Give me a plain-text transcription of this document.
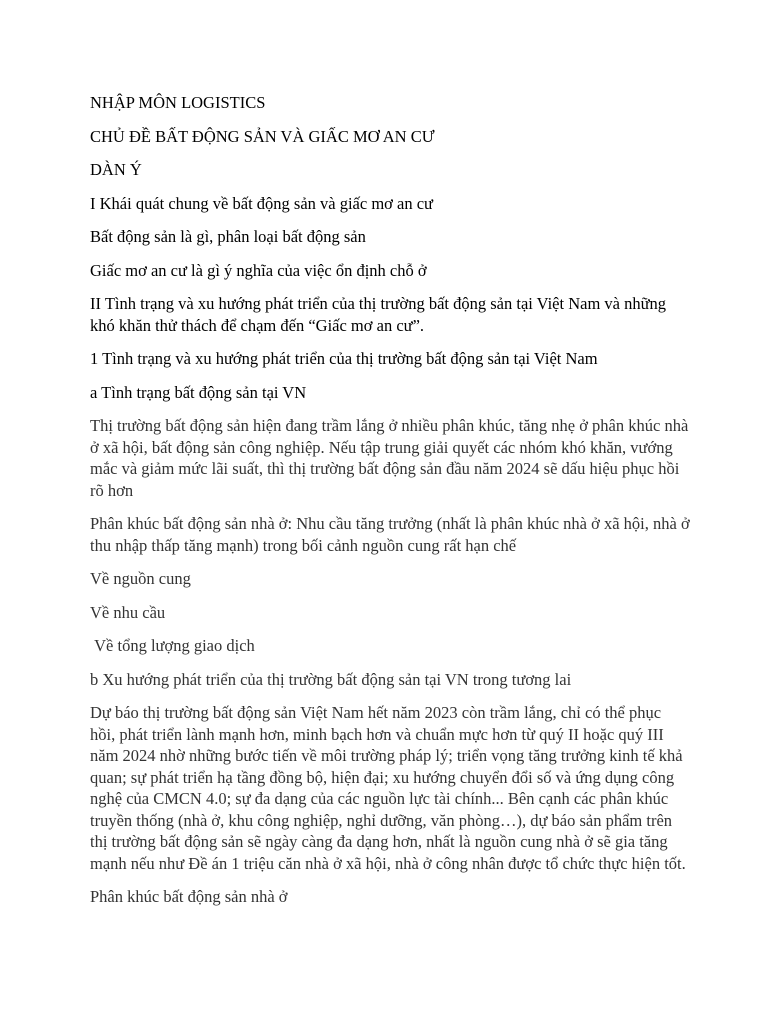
NHẬP MÔN LOGISTICS

CHỦ ĐỀ BẤT ĐỘNG SẢN VÀ GIẤC MƠ AN CƯ

DÀN Ý

I Khái quát chung về bất động sản và giấc mơ an cư

Bất động sản là gì, phân loại bất động sản

Giấc mơ an cư là gì ý nghĩa của việc ổn định chỗ ở

II Tình trạng và xu hướng phát triển của thị trường bất động sản tại Việt Nam và những khó khăn thử thách để chạm đến “Giấc mơ an cư”.

1 Tình trạng và xu hướng phát triển của thị trường bất động sản tại Việt Nam

a Tình trạng bất động sản tại VN

Thị trường bất động sản hiện đang trầm lắng ở nhiều phân khúc, tăng nhẹ ở phân khúc nhà ở xã hội, bất động sản công nghiệp. Nếu tập trung giải quyết các nhóm khó khăn, vướng mắc và giảm mức lãi suất, thì thị trường bất động sản đầu năm 2024 sẽ dấu hiệu phục hồi rõ hơn

Phân khúc bất động sản nhà ở: Nhu cầu tăng trưởng (nhất là phân khúc nhà ở xã hội, nhà ở thu nhập thấp tăng mạnh) trong bối cảnh nguồn cung rất hạn chế

Về nguồn cung

Về nhu cầu

Về tổng lượng giao dịch

b Xu hướng phát triển của thị trường bất động sản tại VN trong tương lai

Dự báo thị trường bất động sản Việt Nam hết năm 2023 còn trầm lắng, chỉ có thể phục hồi, phát triển lành mạnh hơn, minh bạch hơn và chuẩn mực hơn từ quý II hoặc quý III năm 2024 nhờ những bước tiến về môi trường pháp lý; triển vọng tăng trưởng kinh tế khả quan; sự phát triển hạ tầng đồng bộ, hiện đại; xu hướng chuyển đổi số và ứng dụng công nghệ của CMCN 4.0; sự đa dạng của các nguồn lực tài chính... Bên cạnh các phân khúc truyền thống (nhà ở, khu công nghiệp, nghỉ dưỡng, văn phòng…), dự báo sản phẩm trên thị trường bất động sản sẽ ngày càng đa dạng hơn, nhất là nguồn cung nhà ở sẽ gia tăng mạnh nếu như Đề án 1 triệu căn nhà ở xã hội, nhà ở công nhân được tổ chức thực hiện tốt.

Phân khúc bất động sản nhà ở
